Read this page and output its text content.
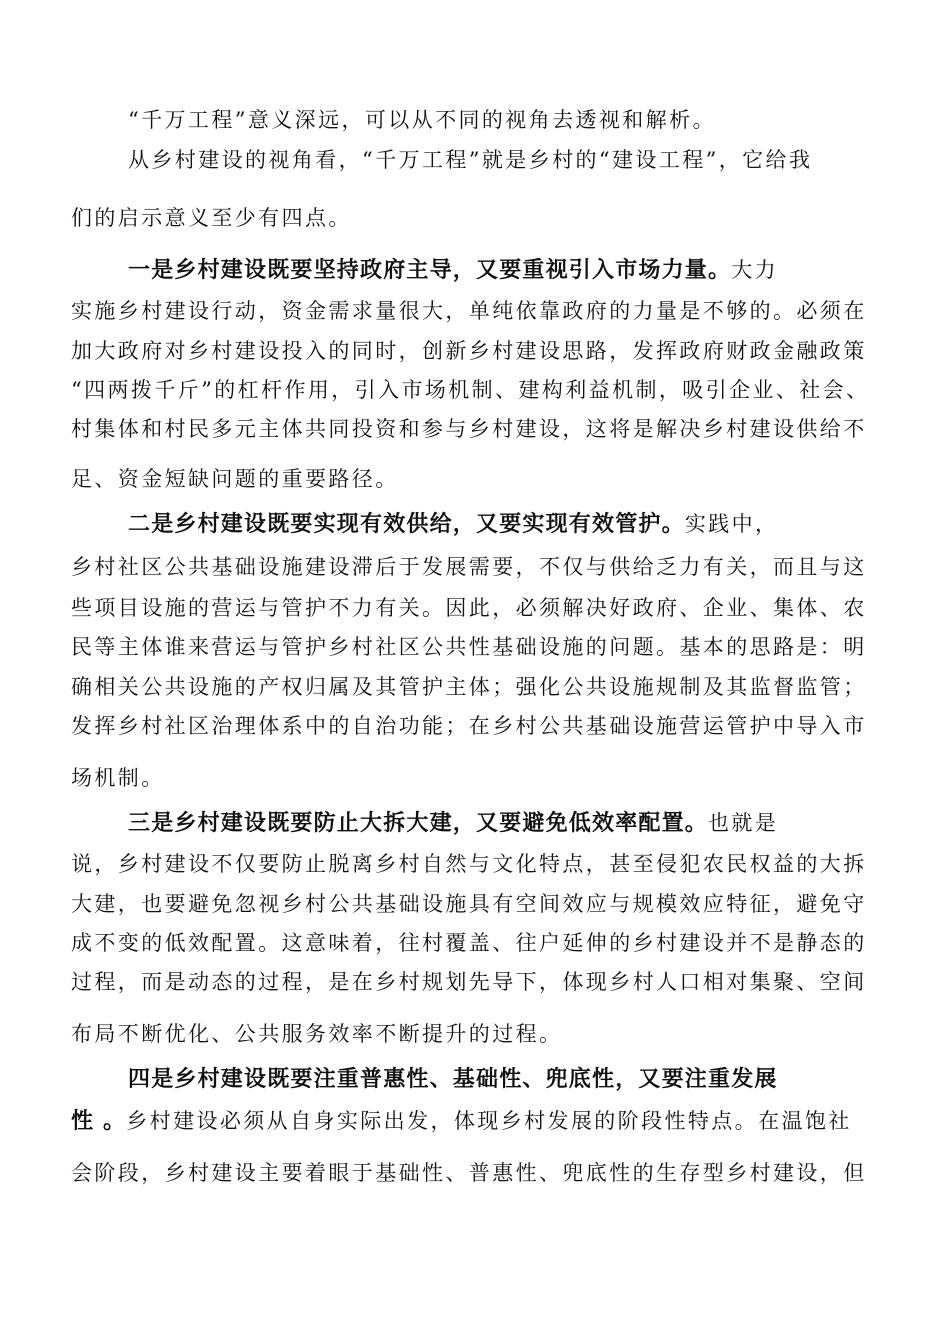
“千万工程”意义深远，可以从不同的视角去透视和解析。
从乡村建设的视角看，“千万工程”就是乡村的“建设工程”，它给我
们的启示意义至少有四点。
一是乡村建设既要坚持政府主导，又要重视引入市场力量。大力
实施乡村建设行动，资金需求量很大，单纯依靠政府的力量是不够的。必须在
加大政府对乡村建设投入的同时，创新乡村建设思路，发挥政府财政金融政策
“四两拨千斤”的杠杆作用，引入市场机制、建构利益机制，吸引企业、社会、
村集体和村民多元主体共同投资和参与乡村建设，这将是解决乡村建设供给不
足、资金短缺问题的重要路径。
二是乡村建设既要实现有效供给，又要实现有效管护。实践中，
乡村社区公共基础设施建设滞后于发展需要，不仅与供给乏力有关，而且与这
些项目设施的营运与管护不力有关。因此，必须解决好政府、企业、集体、农
民等主体谁来营运与管护乡村社区公共性基础设施的问题。基本的思路是：明
确相关公共设施的产权归属及其管护主体；强化公共设施规制及其监督监管；
发挥乡村社区治理体系中的自治功能；在乡村公共基础设施营运管护中导入市
场机制。
三是乡村建设既要防止大拆大建，又要避免低效率配置。也就是
说，乡村建设不仅要防止脱离乡村自然与文化特点，甚至侵犯农民权益的大拆
大建，也要避免忽视乡村公共基础设施具有空间效应与规模效应特征，避免守
成不变的低效配置。这意味着，往村覆盖、往户延伸的乡村建设并不是静态的
过程，而是动态的过程，是在乡村规划先导下，体现乡村人口相对集聚、空间
布局不断优化、公共服务效率不断提升的过程。
四是乡村建设既要注重普惠性、基础性、兜底性，又要注重发展
性 。乡村建设必须从自身实际出发，体现乡村发展的阶段性特点。在温饱社
会阶段，乡村建设主要着眼于基础性、普惠性、兜底性的生存型乡村建设，但
